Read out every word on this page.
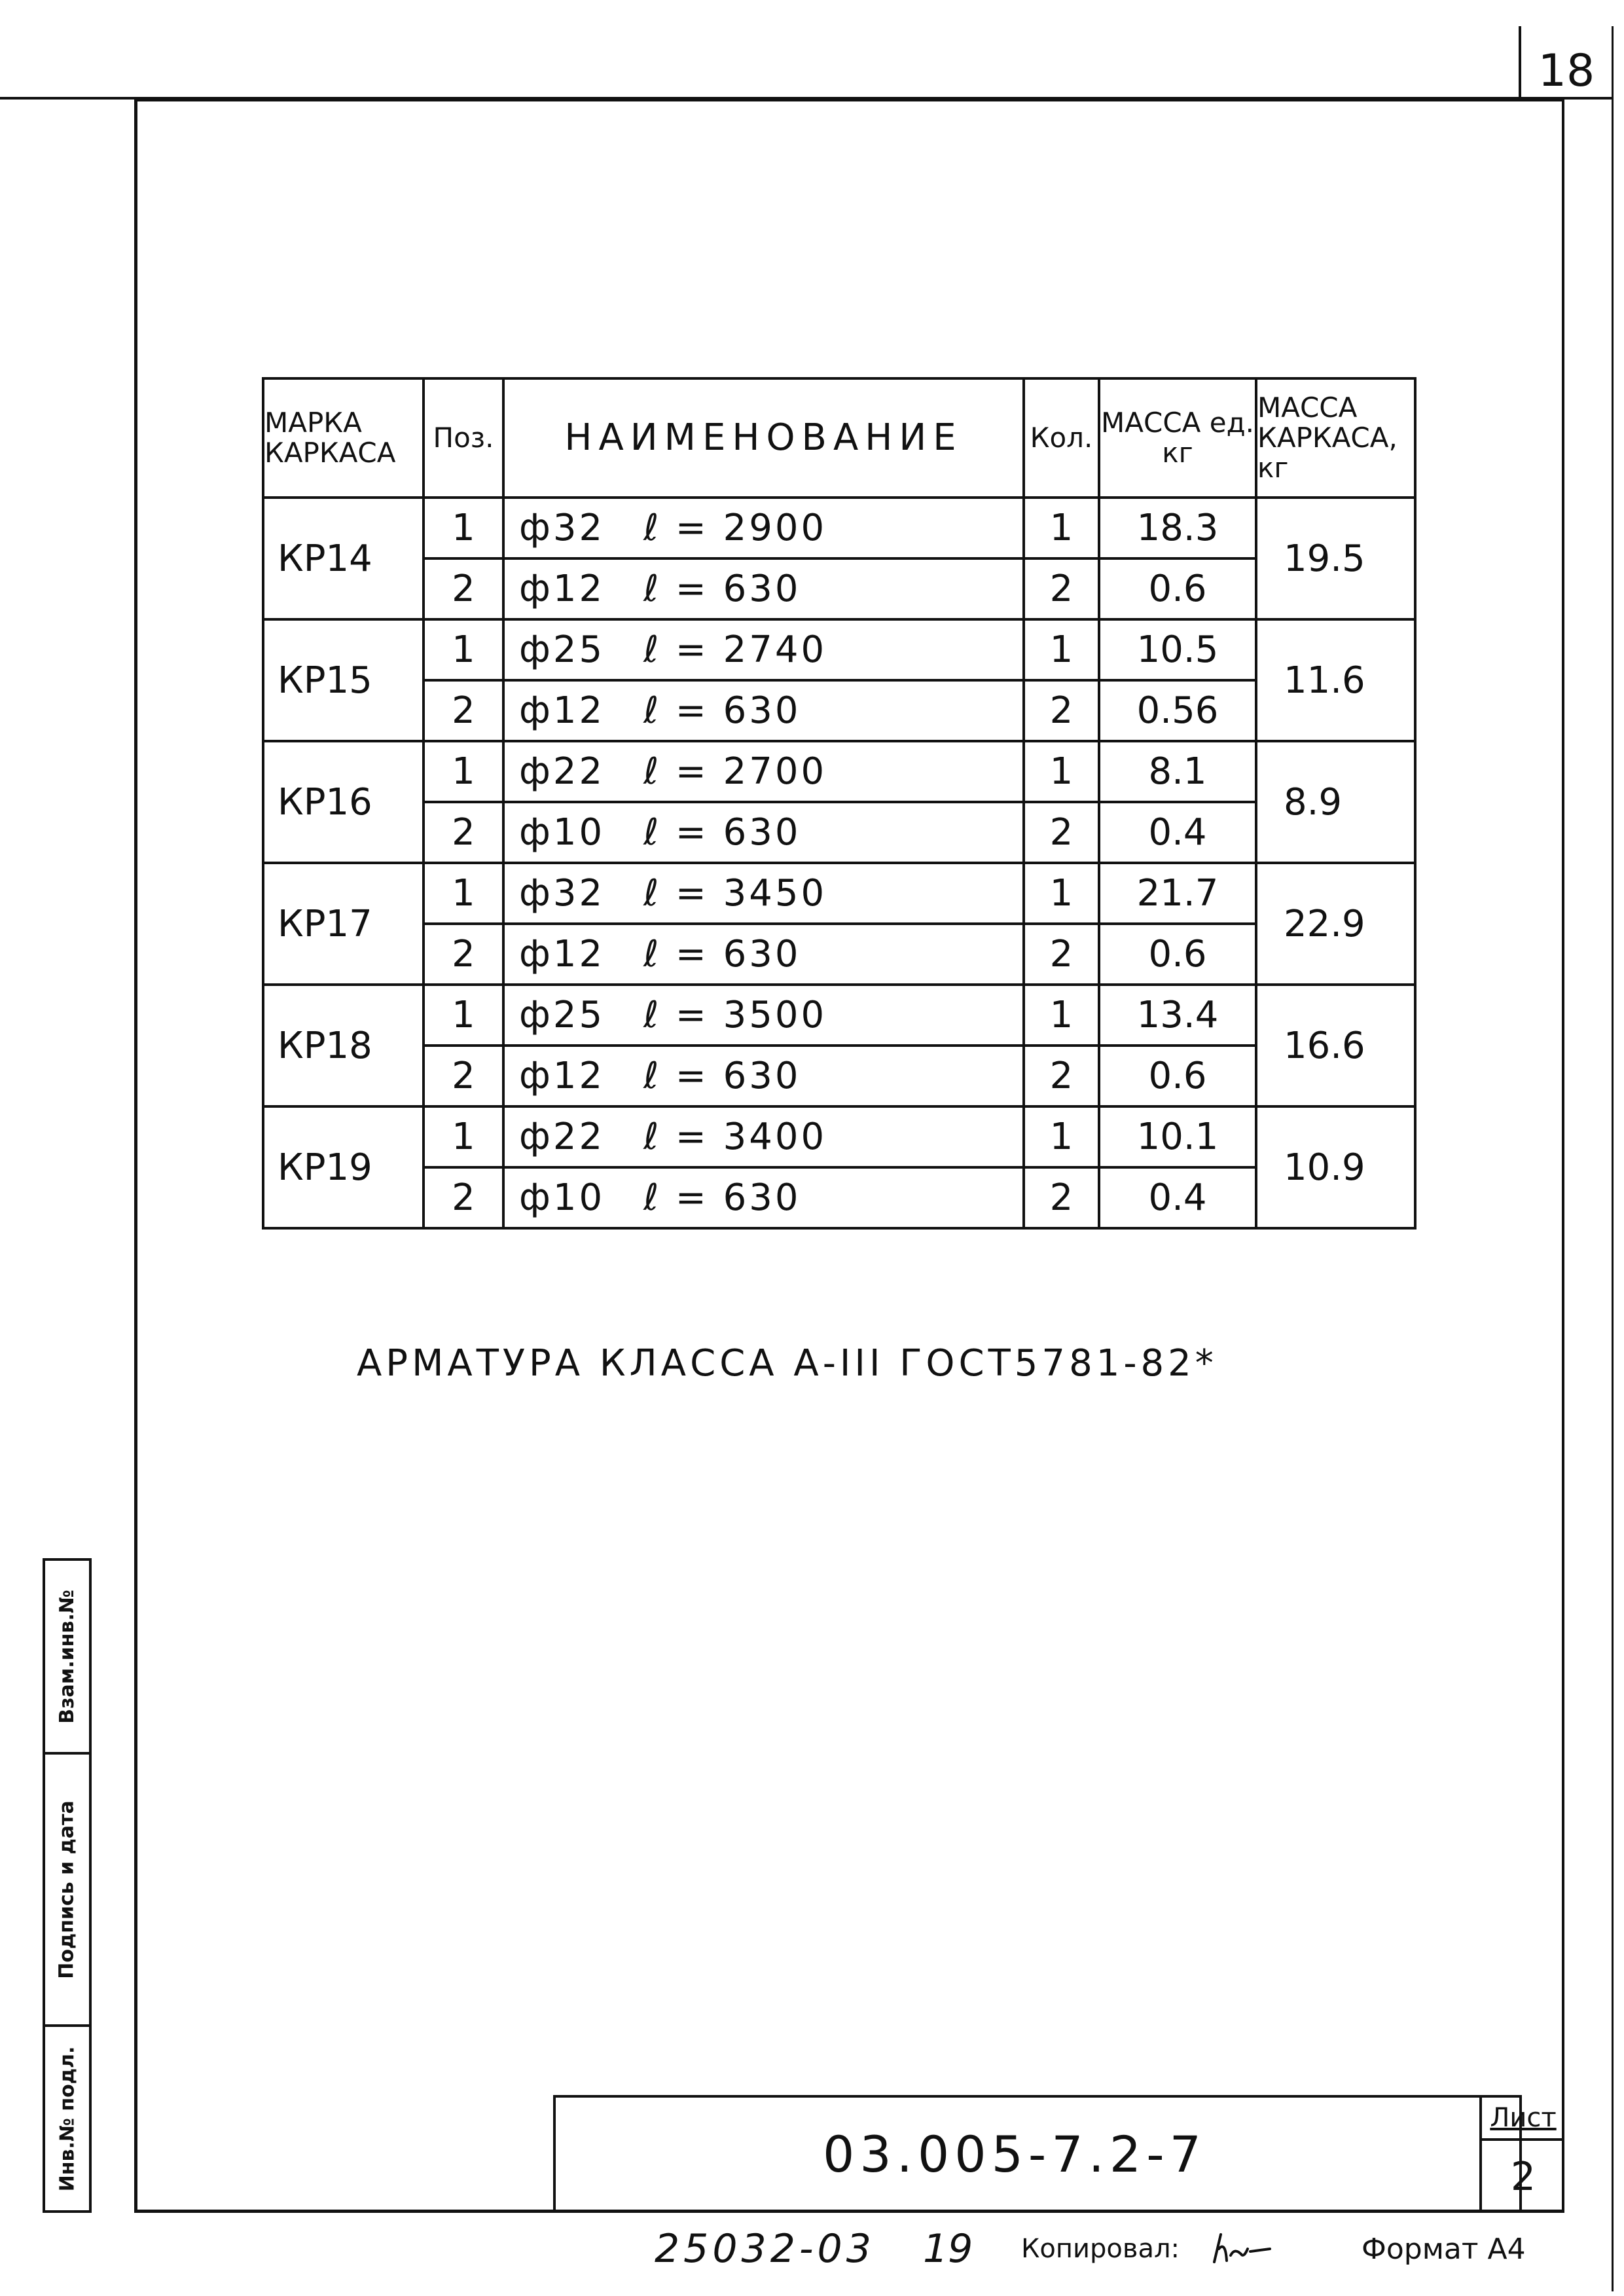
18
МАРКА КАРКАСА	Поз.	НАИМЕНОВАНИЕ	Кол.	МАССА ед. кг	МАССА КАРКАСА, кг
КР14	1	ф32 ℓ = 2900	1	18.3	19.5
	2	ф12 ℓ = 630	2	0.6	
КР15	1	ф25 ℓ = 2740	1	10.5	11.6
	2	ф12 ℓ = 630	2	0.56	
КР16	1	ф22 ℓ = 2700	1	8.1	8.9
	2	ф10 ℓ = 630	2	0.4	
КР17	1	ф32 ℓ = 3450	1	21.7	22.9
	2	ф12 ℓ = 630	2	0.6	
КР18	1	ф25 ℓ = 3500	1	13.4	16.6
	2	ф12 ℓ = 630	2	0.6	
КР19	1	ф22 ℓ = 3400	1	10.1	10.9
	2	ф10 ℓ = 630	2	0.4	
АРМАТУРА КЛАССА А-III ГОСТ5781-82*
Взам.инв.№
Подпись и дата
Инв.№ подл.	03.005-7.2-7
Лист
2
25032-03 19 Копировал:	Формат А4
